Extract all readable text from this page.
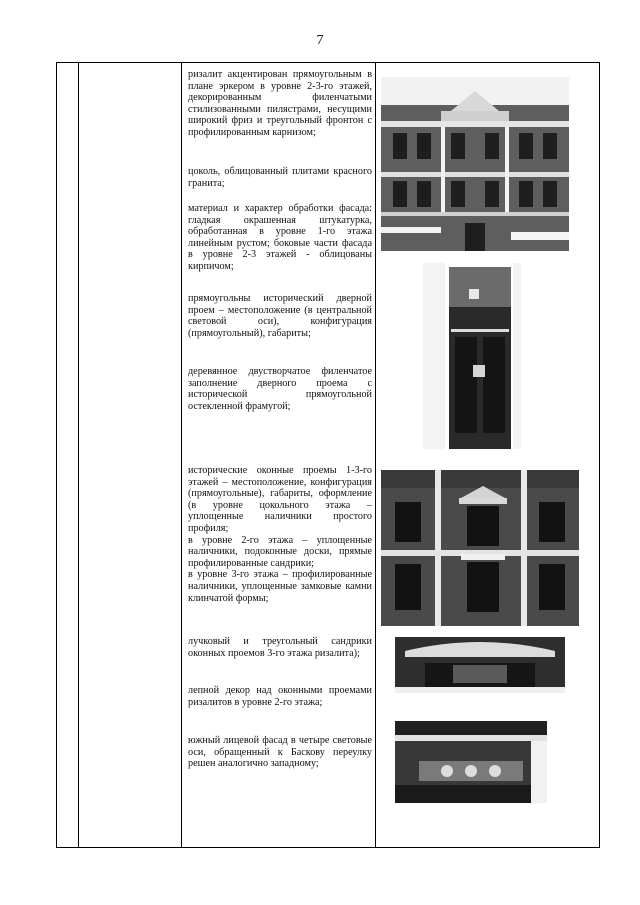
7

ризалит акцентирован прямоугольным в плане эркером в уровне 2-3-го этажей, декорированным филенчатыми стилизованными пилястрами, несущими широкий фриз и треугольный фронтон с профилированным карнизом;

цоколь, облицованный плитами красного гранита;

материал и характер обработки фасада: гладкая окрашенная штукатурка, обработанная в уровне 1-го этажа линейным рустом; боковые части фасада в уровне 2-3 этажей - облицованы кирпичом;

прямоугольны исторический дверной проем – местоположение (в центральной световой оси), конфигурация (прямоугольный), габариты;

деревянное двустворчатое филенчатое заполнение дверного проема с исторической прямоугольной остекленной фрамугой;

исторические оконные проемы 1-3-го этажей – местоположение, конфигурация (прямоугольные), габариты, оформление (в уровне цокольного этажа – уплощенные наличники простого профиля;

в уровне 2-го этажа – уплощенные наличники, подоконные доски, прямые профилированные сандрики;

в уровне 3-го этажа – профилированные наличники, уплощенные замковые камни клинчатой формы;

лучковый и треугольный сандрики оконных проемов 3-го этажа ризалита);

лепной декор над оконными проемами ризалитов в уровне 2-го этажа;

южный лицевой фасад в четыре световые оси, обращенный к Баскову переулку решен аналогично западному;
